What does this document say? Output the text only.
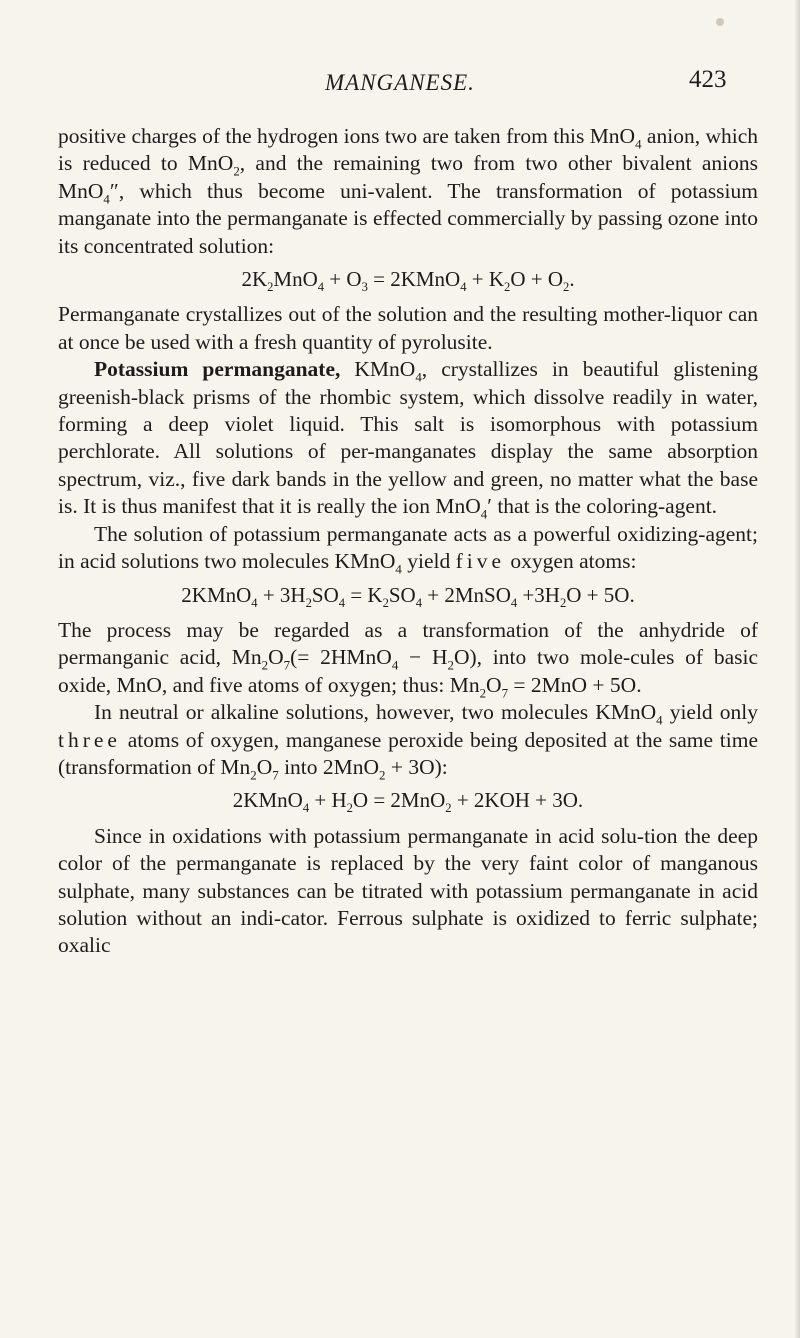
MANGANESE.	423

positive charges of the hydrogen ions two are taken from this MnO$_4$ anion, which is reduced to MnO$_2$, and the remaining two from two other bivalent anions MnO$_4$″, which thus become uni-valent. The transformation of potassium manganate into the permanganate is effected commercially by passing ozone into its concentrated solution:

$2K_2MnO_4 + O_3$ = 2KMnO$_4$ + $K_2O + O_2$.

Permanganate crystallizes out of the solution and the resulting mother-liquor can at once be used with a fresh quantity of pyrolusite.

Potassium permanganate, KMnO$_4$, crystallizes in beautiful glistening greenish-black prisms of the rhombic system, which dissolve readily in water, forming a deep violet liquid. This salt is isomorphous with potassium perchlorate. All solutions of per-manganates display the same absorption spectrum, viz., five dark bands in the yellow and green, no matter what the base is. It is thus manifest that it is really the ion MnO$_4$′ that is the coloring-agent.

The solution of potassium permanganate acts as a powerful oxidizing-agent; in acid solutions two molecules KMnO$_4$ yield five oxygen atoms:

2KMnO$_4$ + $3H_2SO_4 = K_2SO_4$ + 2MnSO$_4$ $+3H_2O + 5O$.

The process may be regarded as a transformation of the anhydride of permanganic acid, $Mn_2O_7(=$ 2HMnO$_4$ − $H_2O$), into two mole-cules of basic oxide, MnO, and five atoms of oxygen; thus: $Mn_2O_7 = 2MnO + 5O$.

In neutral or alkaline solutions, however, two molecules KMnO$_4$ yield only three atoms of oxygen, manganese peroxide being deposited at the same time (transformation of $Mn_2O_7$ into 2MnO$_2$ + 3O):

2KMnO$_4$ + $H_2O = 2MnO_2 + 2KOH + 3O$.

Since in oxidations with potassium permanganate in acid solu-tion the deep color of the permanganate is replaced by the very faint color of manganous sulphate, many substances can be titrated with potassium permanganate in acid solution without an indi-cator. Ferrous sulphate is oxidized to ferric sulphate; oxalic
